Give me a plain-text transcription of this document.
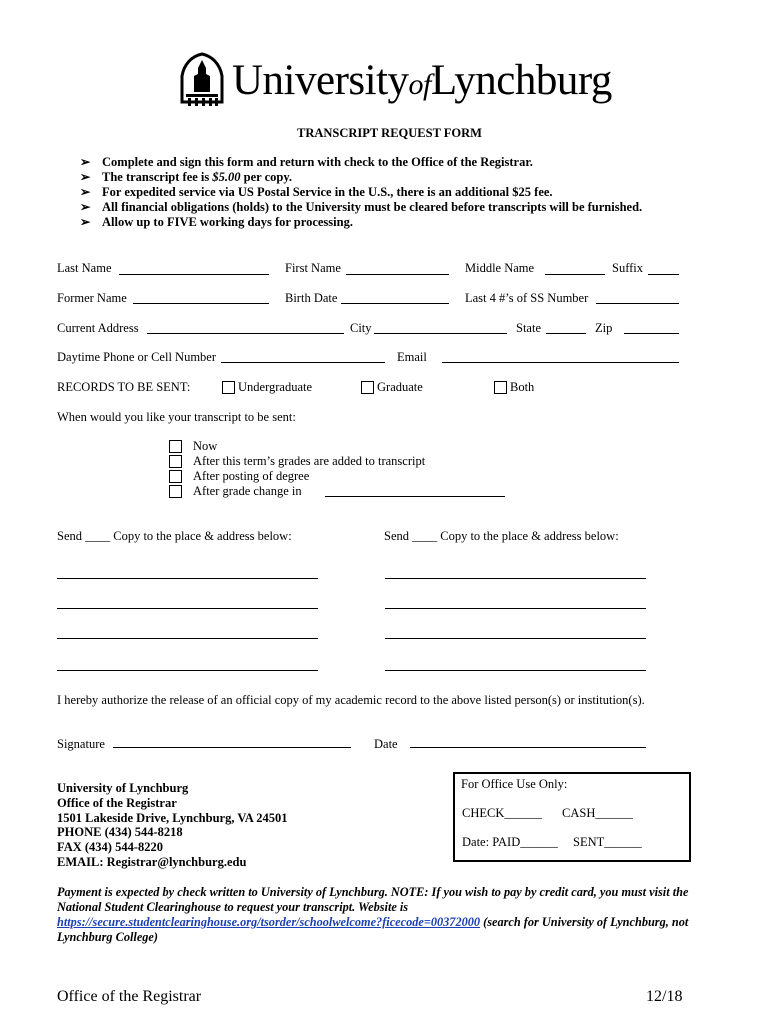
UniversityofLynchburg
TRANSCRIPT REQUEST FORM
➢ Complete and sign this form and return with check to the Office of the Registrar.
➢ The transcript fee is $5.00 per copy.
➢ For expedited service via US Postal Service in the U.S., there is an additional $25 fee.
➢ All financial obligations (holds) to the University must be cleared before transcripts will be furnished.
➢ Allow up to FIVE working days for processing.
Last Name	First Name	Middle Name	Suffix
Former Name	Birth Date	Last 4 #’s of SS Number
Current Address	City	State	Zip
Daytime Phone or Cell Number	Email
RECORDS TO BE SENT:	Undergraduate	Graduate	Both
When would you like your transcript to be sent:
Now
After this term’s grades are added to transcript
After posting of degree
After grade change in
Send ____ Copy to the place & address below:	Send ____ Copy to the place & address below:
I hereby authorize the release of an official copy of my academic record to the above listed person(s) or institution(s).
Signature	Date
University of Lynchburg
Office of the Registrar
1501 Lakeside Drive, Lynchburg, VA 24501
PHONE (434) 544-8218
FAX (434) 544-8220
EMAIL: Registrar@lynchburg.edu
For Office Use Only:
CHECK______ CASH______
Date: PAID______ SENT______
Payment is expected by check written to University of Lynchburg. NOTE: If you wish to pay by credit card, you must visit the National Student Clearinghouse to request your transcript. Website is https://secure.studentclearinghouse.org/tsorder/schoolwelcome?ficecode=00372000 (search for University of Lynchburg, not Lynchburg College)
Office of the Registrar	12/18
